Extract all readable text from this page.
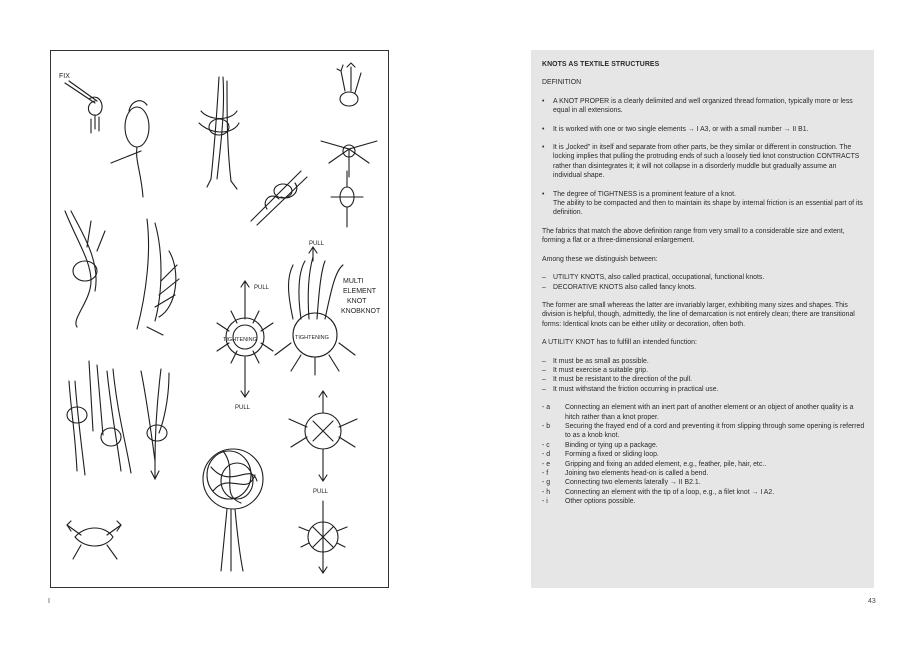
FIX
PULL
TIGHTENING
PULL
PULL
TIGHTENING
MULTI
ELEMENT
KNOT
KNOBKNOT
PULL
I

KNOTS AS TEXTILE STRUCTURES

DEFINITION

• A KNOT PROPER is a clearly delimited and well organized thread formation, typically more or less equal in all extensions.

• It is worked with one or two single elements → I A3, or with a small number → II B1.

• It is „locked" in itself and separate from other parts, be they similar or different in construction. The locking implies that pulling the protruding ends of such a loosely tied knot construction CONTRACTS rather than disintegrates it; it will not collapse in a disorderly muddle but gradually assume an individual shape.

• The degree of TIGHTNESS is a prominent feature of a knot.
The ability to be compacted and then to maintain its shape by internal friction is an essential part of its definition.

The fabrics that match the above definition range from very small to a considerable size and extent, forming a flat or a three-dimensional enlargement.

Among these we distinguish between:

– UTILITY KNOTS, also called practical, occupational, functional knots.
– DECORATIVE KNOTS also called fancy knots.

The former are small whereas the latter are invariably larger, exhibiting many sizes and shapes. This division is helpful, though, admittedly, the line of demarcation is not entirely clean; there are transitional forms: Identical knots can be either utility or decoration, often both.

A UTILITY KNOT has to fulfill an intended function:

– It must be as small as possible.
– It must exercise a suitable grip.
– It must be resistant to the direction of the pull.
– It must withstand the friction occurring in practical use.
- a	Connecting an element with an inert part of another element or an object of another quality is a hitch rather than a knot proper.
- b	Securing the frayed end of a cord and preventing it from slipping through some opening is referred to as a knob knot.
- c	Binding or tying up a package.
- d	Forming a fixed or sliding loop.
- e	Gripping and fixing an added element, e.g., feather, pile, hair, etc..
- f	Joining two elements head-on is called a bend.
- g	Connecting two elements laterally → II B2.1.
- h	Connecting an element with the tip of a loop, e.g., a filet knot → I A2.
- i	Other options possible.
43
